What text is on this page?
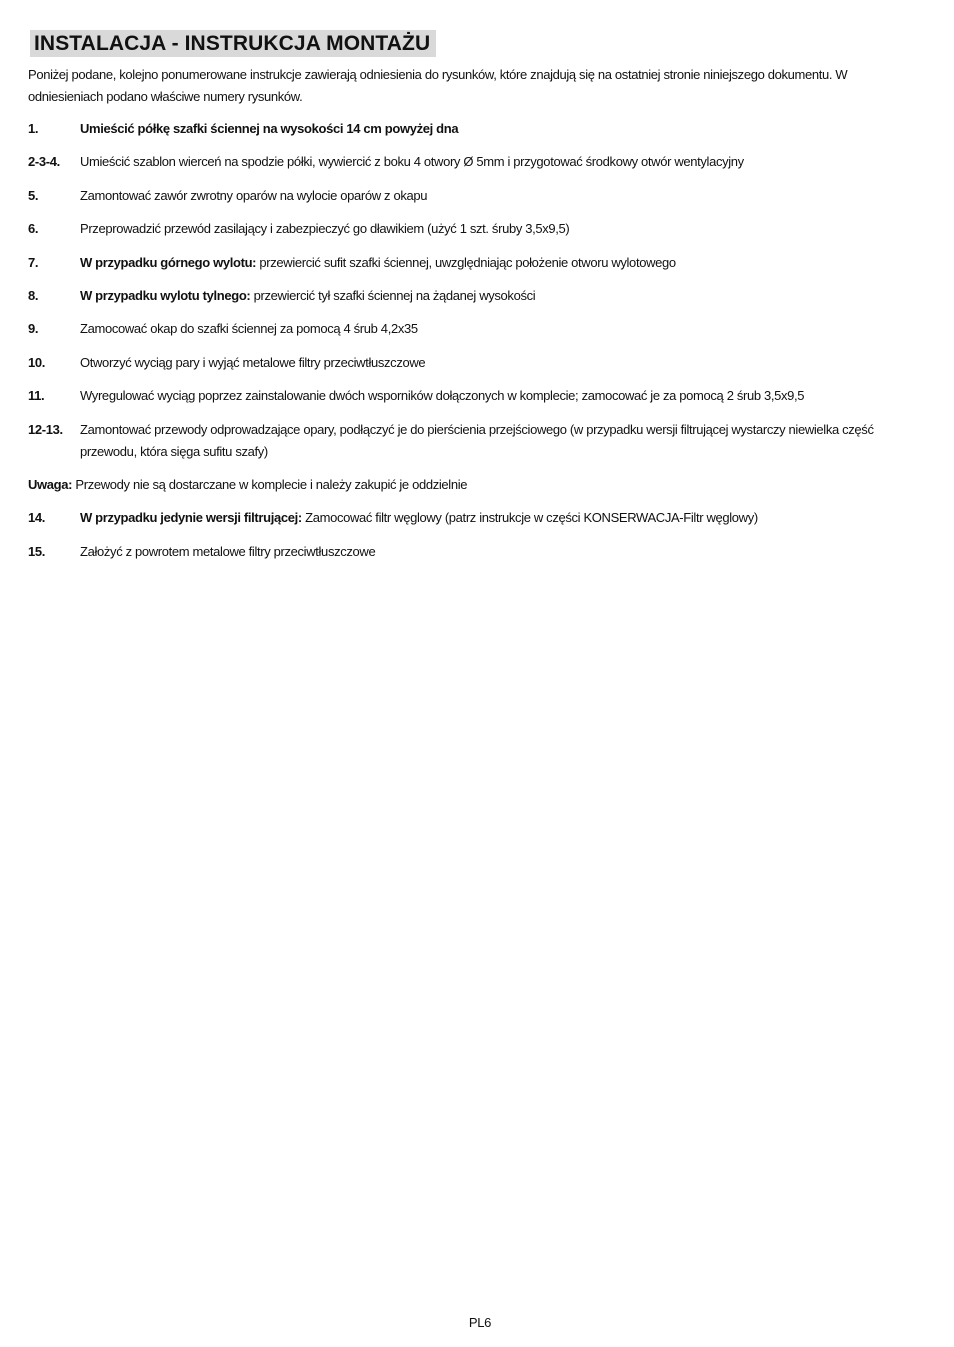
INSTALACJA - INSTRUKCJA MONTAŻU
Poniżej podane, kolejno ponumerowane instrukcje zawierają odniesienia do rysunków, które znajdują się na ostatniej stronie niniejszego dokumentu. W odniesieniach podano właściwe numery rysunków.
1.	Umieścić półkę szafki ściennej na wysokości 14 cm powyżej dna
2-3-4.	Umieścić szablon wierceń na spodzie półki, wywiercić z boku 4 otwory Ø 5mm i przygotować środkowy otwór wentylacyjny
5.	Zamontować zawór zwrotny oparów na wylocie oparów z okapu
6.	Przeprowadzić przewód zasilający i zabezpieczyć go dławikiem (użyć 1 szt. śruby 3,5x9,5)
7.	W przypadku górnego wylotu: przewiercić sufit szafki ściennej, uwzględniając położenie otworu wylotowego
8.	W przypadku wylotu tylnego: przewiercić tył szafki ściennej na żądanej wysokości
9.	Zamocować okap do szafki ściennej za pomocą 4 śrub 4,2x35
10.	Otworzyć wyciąg pary i wyjąć metalowe filtry przeciwtłuszczowe
11.	Wyregulować wyciąg poprzez zainstalowanie dwóch wsporników dołączonych w komplecie; zamocować je za pomocą 2 śrub 3,5x9,5
12-13.	Zamontować przewody odprowadzające opary, podłączyć je do pierścienia przejściowego (w przypadku wersji filtrującej wystarczy niewielka część przewodu, która sięga sufitu szafy)
Uwaga: Przewody nie są dostarczane w komplecie i należy zakupić je oddzielnie
14.	W przypadku jedynie wersji filtrującej: Zamocować filtr węglowy (patrz instrukcje w części KONSERWACJA-Filtr węglowy)
15.	Założyć z powrotem metalowe filtry przeciwtłuszczowe
PL6
